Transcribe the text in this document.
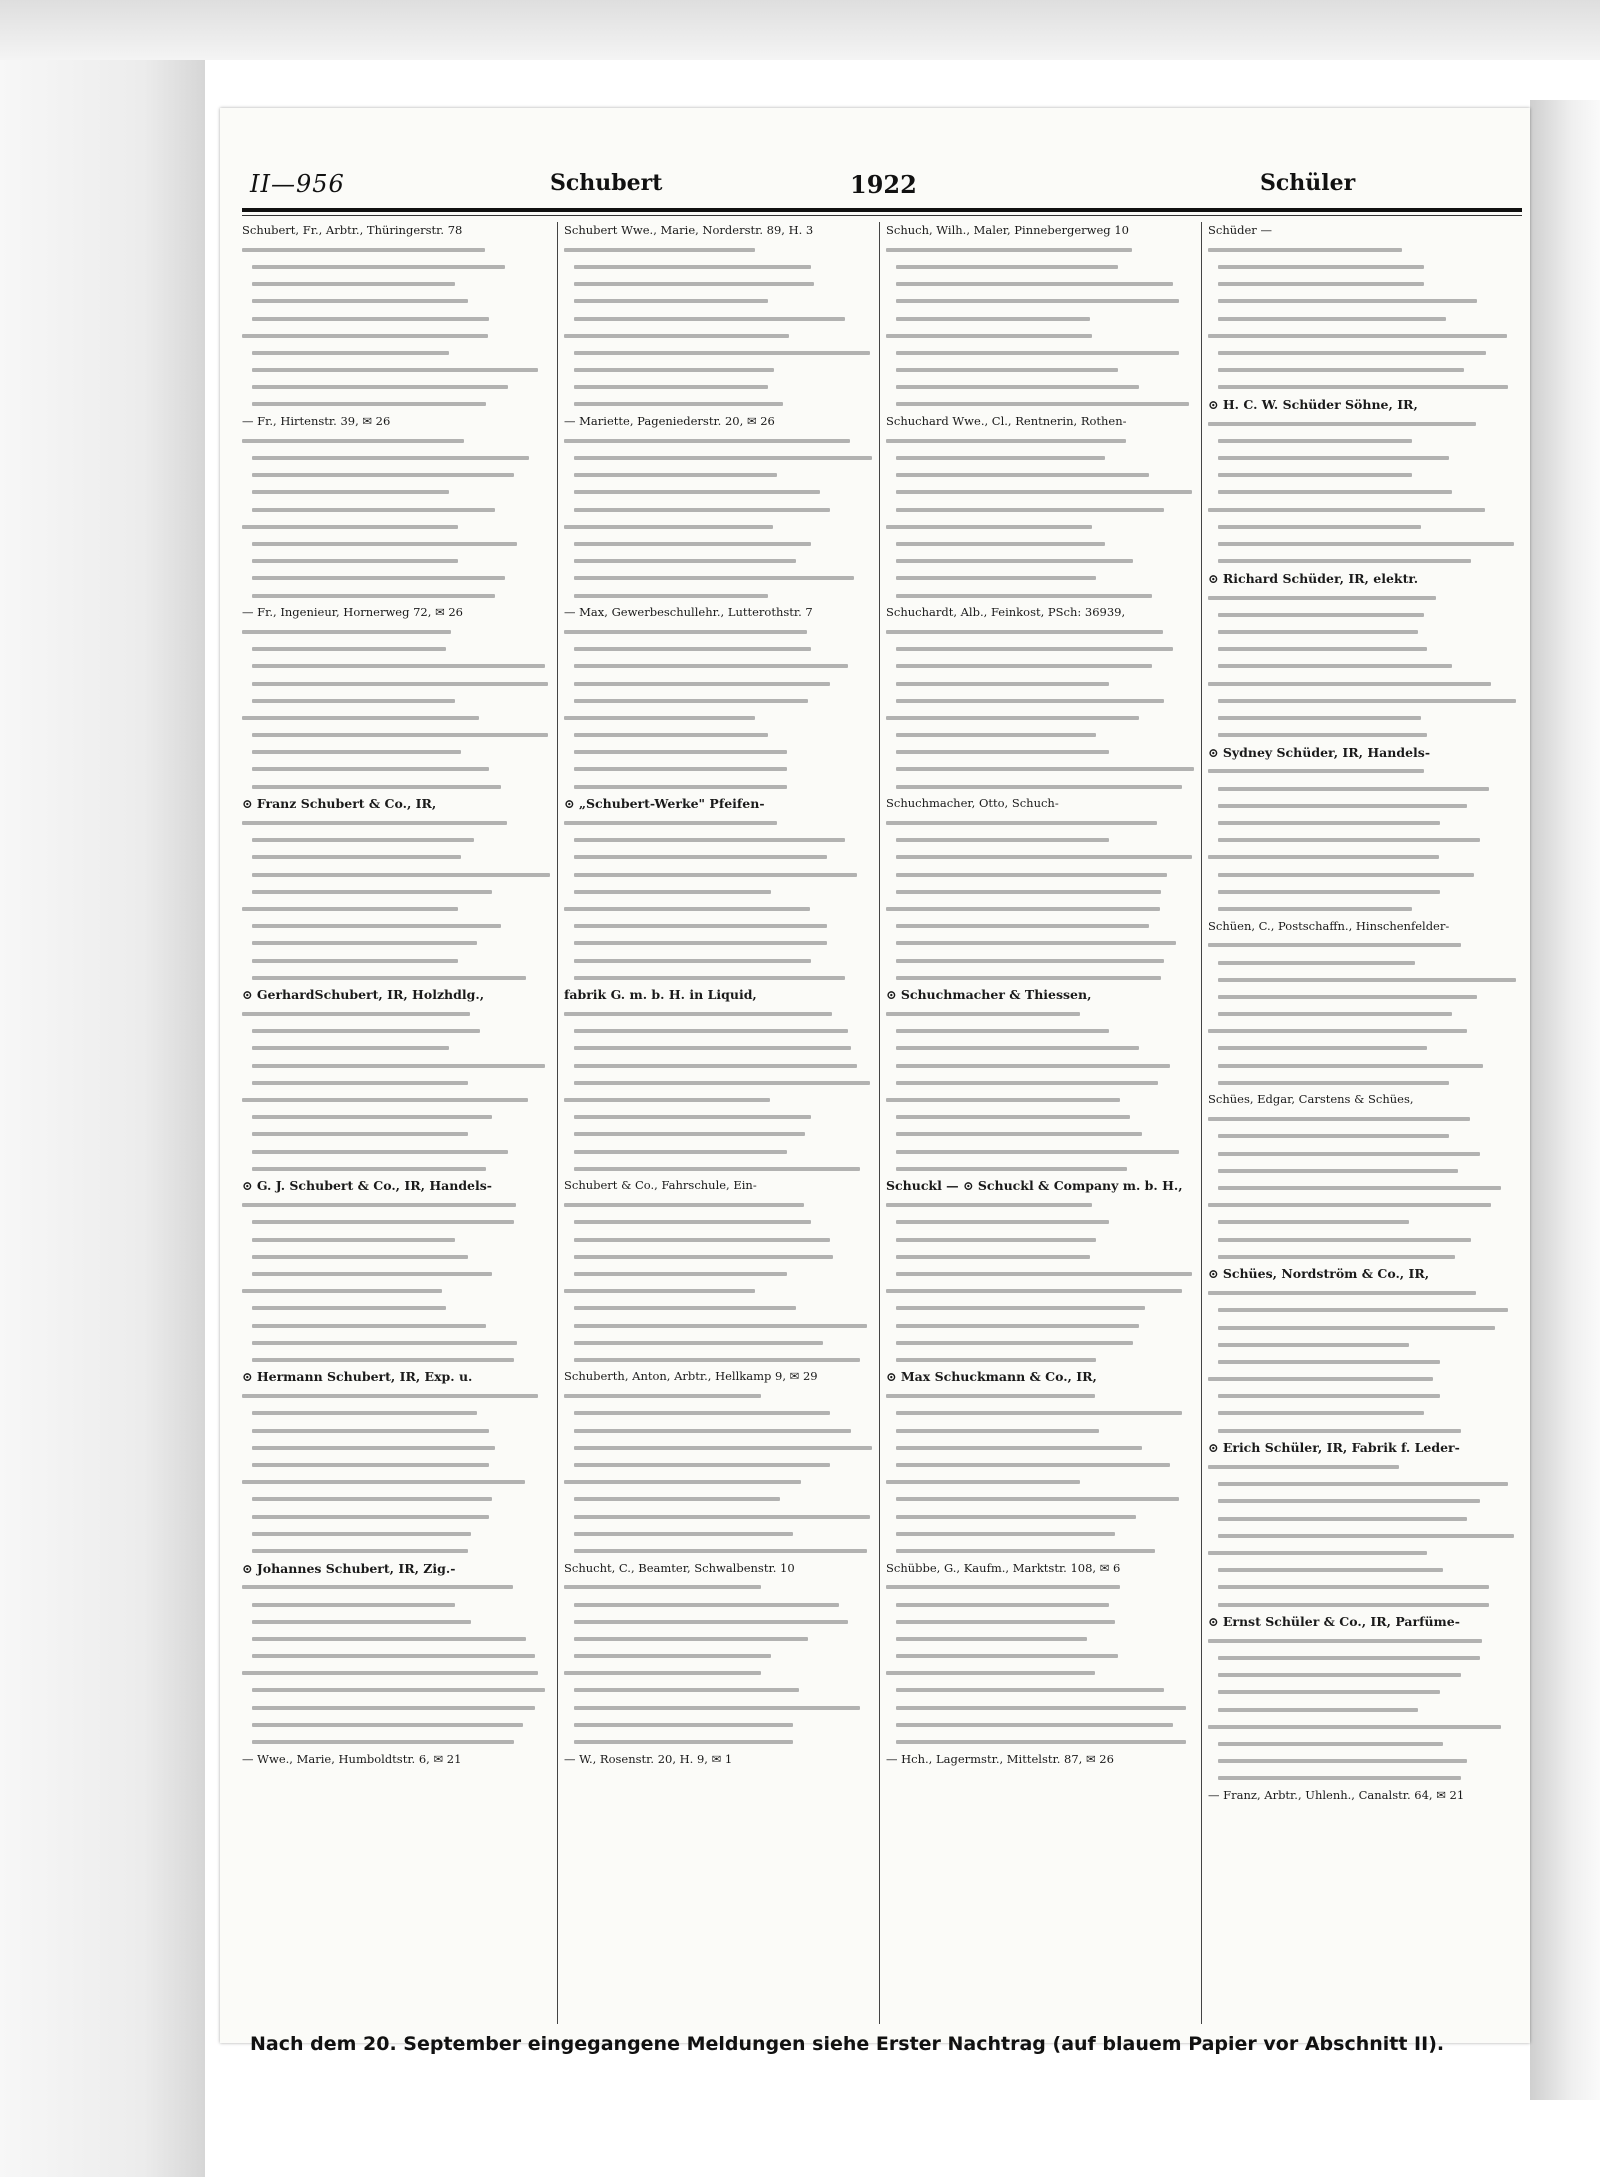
II—956	Schubert	1922	Schüler
Schubert, Fr., Arbtr., Thüringerstr. 78
— Fr., Hirtenstr. 39, ✉ 26
— Fr., Ingenieur, Hornerweg 72, ✉ 26
⊙ Franz Schubert & Co., IR,
⊙ GerhardSchubert, IR, Holzhdlg.,
⊙ G. J. Schubert & Co., IR, Handels-
⊙ Hermann Schubert, IR, Exp. u.
⊙ Johannes Schubert, IR, Zig.-
— Wwe., Marie, Humboldtstr. 6, ✉ 21
Schubert Wwe., Marie, Norderstr. 89, H. 3
— Mariette, Pageniederstr. 20, ✉ 26
— Max, Gewerbeschullehr., Lutterothstr. 7
⊙ „Schubert-Werke" Pfeifen-
fabrik G. m. b. H. in Liquid,
Schubert & Co., Fahrschule, Ein-
Schuberth, Anton, Arbtr., Hellkamp 9, ✉ 29
Schucht, C., Beamter, Schwalbenstr. 10
— W., Rosenstr. 20, H. 9, ✉ 1
Schuch, Wilh., Maler, Pinnebergerweg 10
Schuchard Wwe., Cl., Rentnerin, Rothen-
Schuchardt, Alb., Feinkost, PSch: 36939,
Schuchmacher, Otto, Schuch-
⊙ Schuchmacher & Thiessen,
Schuckl — ⊙ Schuckl & Company m. b. H.,
⊙ Max Schuckmann & Co., IR,
Schübbe, G., Kaufm., Marktstr. 108, ✉ 6
— Hch., Lagermstr., Mittelstr. 87, ✉ 26
Schüder —
⊙ H. C. W. Schüder Söhne, IR,
⊙ Richard Schüder, IR, elektr.
⊙ Sydney Schüder, IR, Handels-
Schüen, C., Postschaffn., Hinschenfelder-
Schües, Edgar, Carstens & Schües,
⊙ Schües, Nordström & Co., IR,
⊙ Erich Schüler, IR, Fabrik f. Leder-
⊙ Ernst Schüler & Co., IR, Parfüme-
— Franz, Arbtr., Uhlenh., Canalstr. 64, ✉ 21
Nach dem 20. September eingegangene Meldungen siehe Erster Nachtrag (auf blauem Papier vor Abschnitt II).
